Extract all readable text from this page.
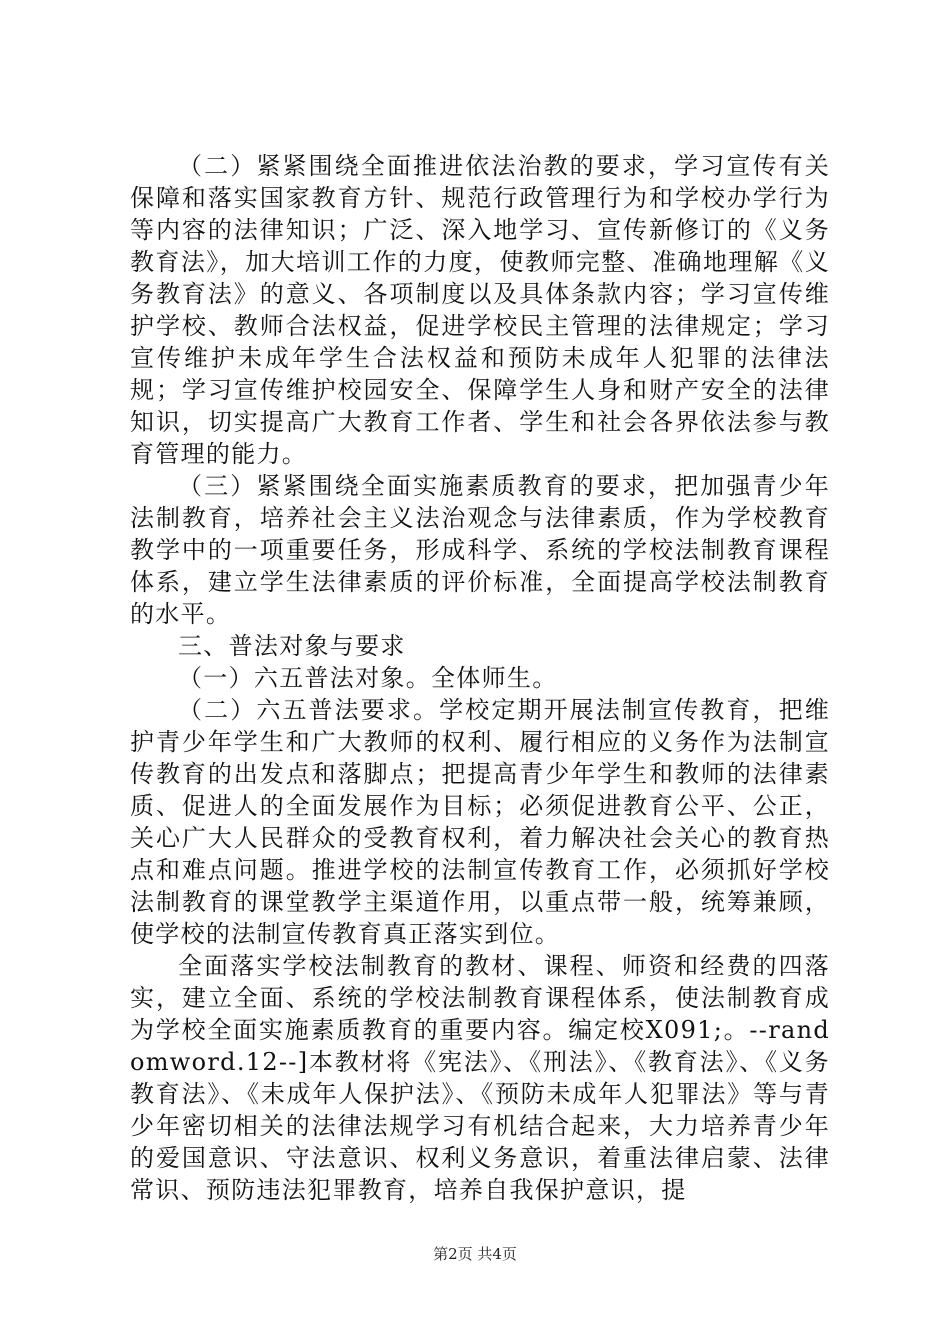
（二）紧紧围绕全面推进依法治教的要求，学习宣传有关保障和落实国家教育方针、规范行政管理行为和学校办学行为等内容的法律知识；广泛、深入地学习、宣传新修订的《义务教育法》，加大培训工作的力度，使教师完整、准确地理解《义务教育法》的意义、各项制度以及具体条款内容；学习宣传维护学校、教师合法权益，促进学校民主管理的法律规定；学习宣传维护未成年学生合法权益和预防未成年人犯罪的法律法规；学习宣传维护校园安全、保障学生人身和财产安全的法律知识，切实提高广大教育工作者、学生和社会各界依法参与教育管理的能力。

（三）紧紧围绕全面实施素质教育的要求，把加强青少年法制教育，培养社会主义法治观念与法律素质，作为学校教育教学中的一项重要任务，形成科学、系统的学校法制教育课程体系，建立学生法律素质的评价标准，全面提高学校法制教育的水平。

三、普法对象与要求

（一）六五普法对象。全体师生。

（二）六五普法要求。学校定期开展法制宣传教育，把维护青少年学生和广大教师的权利、履行相应的义务作为法制宣传教育的出发点和落脚点；把提高青少年学生和教师的法律素质、促进人的全面发展作为目标；必须促进教育公平、公正，关心广大人民群众的受教育权利，着力解决社会关心的教育热点和难点问题。推进学校的法制宣传教育工作，必须抓好学校法制教育的课堂教学主渠道作用，以重点带一般，统筹兼顾，使学校的法制宣传教育真正落实到位。

全面落实学校法制教育的教材、课程、师资和经费的四落实，建立全面、系统的学校法制教育课程体系，使法制教育成为学校全面实施素质教育的重要内容。编定校X091;。--randomword.12--]本教材将《宪法》、《刑法》、《教育法》、《义务教育法》、《未成年人保护法》、《预防未成年人犯罪法》等与青少年密切相关的法律法规学习有机结合起来，大力培养青少年的爱国意识、守法意识、权利义务意识，着重法律启蒙、法律常识、预防违法犯罪教育，培养自我保护意识，提

第2页 共4页
